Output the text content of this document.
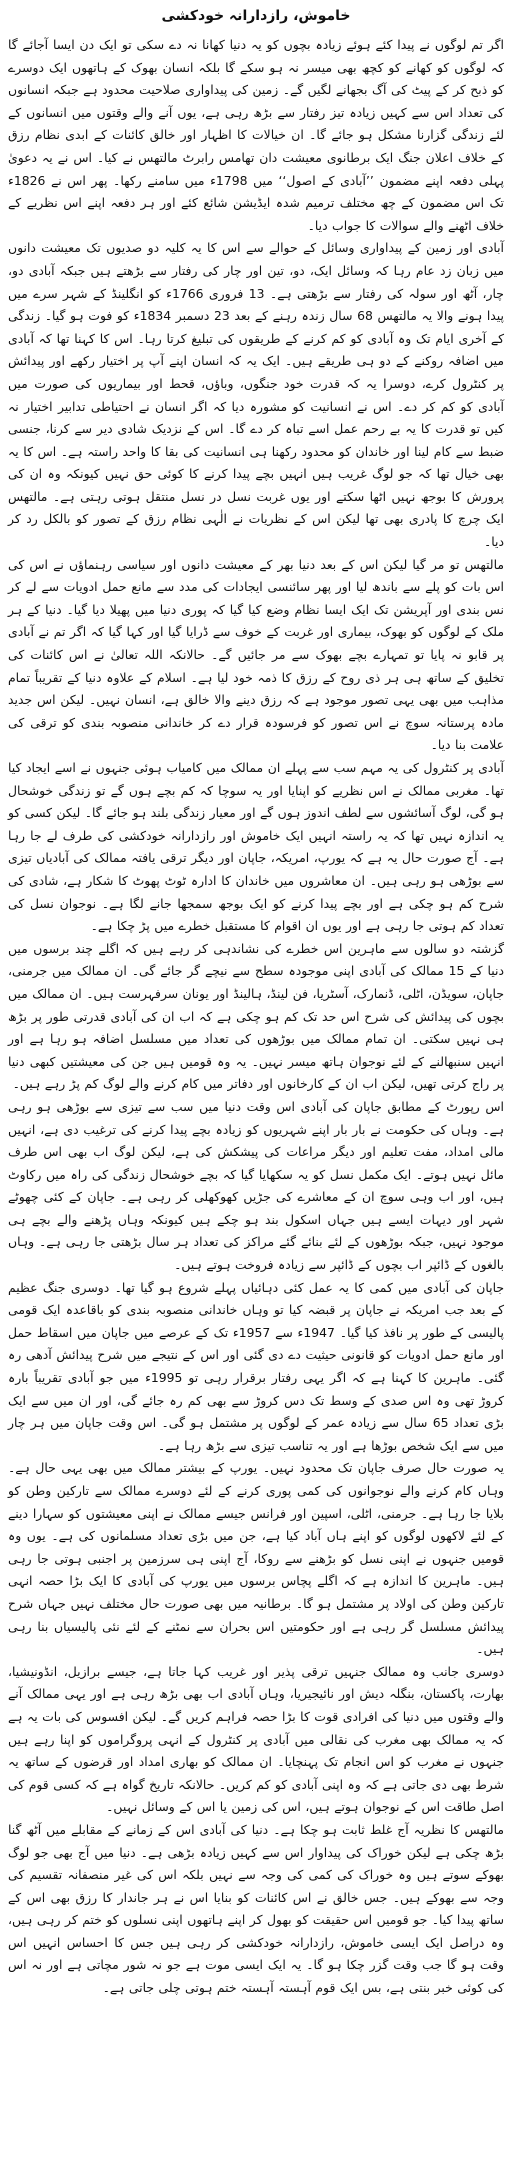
خاموش، رازدارانہ خودکشی

اگر تم لوگوں نے پیدا کئے ہوئے زیادہ بچوں کو یہ دنیا کھانا نہ دے سکی تو ایک دن ایسا آجائے گا کہ لوگوں کو کھانے کو کچھ بھی میسر نہ ہو سکے گا بلکہ انسان بھوک کے ہاتھوں ایک دوسرے کو ذبح کر کے پیٹ کی آگ بجھانے لگیں گے۔ زمین کی پیداواری صلاحیت محدود ہے جبکہ انسانوں کی تعداد اس سے کہیں زیادہ تیز رفتار سے بڑھ رہی ہے، یوں آنے والے وقتوں میں انسانوں کے لئے زندگی گزارنا مشکل ہو جائے گا۔ ان خیالات کا اظہار اور خالق کائنات کے ابدی نظام رزق کے خلاف اعلان جنگ ایک برطانوی معیشت دان تھامس رابرٹ مالتھس نے کیا۔ اس نے یہ دعویٰ پہلی دفعہ اپنے مضمون ’’آبادی کے اصول‘‘ میں 1798ء میں سامنے رکھا۔ پھر اس نے 1826ء تک اس مضمون کے چھ مختلف ترمیم شدہ ایڈیشن شائع کئے اور ہر دفعہ اپنے اس نظریے کے خلاف اٹھنے والے سوالات کا جواب دیا۔

آبادی اور زمین کے پیداواری وسائل کے حوالے سے اس کا یہ کلیہ دو صدیوں تک معیشت دانوں میں زبان زد عام رہا کہ وسائل ایک، دو، تین اور چار کی رفتار سے بڑھتے ہیں جبکہ آبادی دو، چار، آٹھ اور سولہ کی رفتار سے بڑھتی ہے۔ 13 فروری 1766ء کو انگلینڈ کے شہر سرے میں پیدا ہونے والا یہ مالتھس 68 سال زندہ رہنے کے بعد 23 دسمبر 1834ء کو فوت ہو گیا۔ زندگی کے آخری ایام تک وہ آبادی کو کم کرنے کے طریقوں کی تبلیغ کرتا رہا۔ اس کا کہنا تھا کہ آبادی میں اضافہ روکنے کے دو ہی طریقے ہیں۔ ایک یہ کہ انسان اپنے آپ پر اختیار رکھے اور پیدائش پر کنٹرول کرے، دوسرا یہ کہ قدرت خود جنگوں، وباؤں، قحط اور بیماریوں کی صورت میں آبادی کو کم کر دے۔ اس نے انسانیت کو مشورہ دیا کہ اگر انسان نے احتیاطی تدابیر اختیار نہ کیں تو قدرت کا یہ بے رحم عمل اسے تباہ کر دے گا۔ اس کے نزدیک شادی دیر سے کرنا، جنسی ضبط سے کام لینا اور خاندان کو محدود رکھنا ہی انسانیت کی بقا کا واحد راستہ ہے۔ اس کا یہ بھی خیال تھا کہ جو لوگ غریب ہیں انہیں بچے پیدا کرنے کا کوئی حق نہیں کیونکہ وہ ان کی پرورش کا بوجھ نہیں اٹھا سکتے اور یوں غربت نسل در نسل منتقل ہوتی رہتی ہے۔ مالتھس ایک چرچ کا پادری بھی تھا لیکن اس کے نظریات نے الٰہی نظام رزق کے تصور کو بالکل رد کر دیا۔

مالتھس تو مر گیا لیکن اس کے بعد دنیا بھر کے معیشت دانوں اور سیاسی رہنماؤں نے اس کی اس بات کو پلے سے باندھ لیا اور پھر سائنسی ایجادات کی مدد سے مانع حمل ادویات سے لے کر نس بندی اور آپریشن تک ایک ایسا نظام وضع کیا گیا کہ پوری دنیا میں پھیلا دیا گیا۔ دنیا کے ہر ملک کے لوگوں کو بھوک، بیماری اور غربت کے خوف سے ڈرایا گیا اور کہا گیا کہ اگر تم نے آبادی پر قابو نہ پایا تو تمہارے بچے بھوک سے مر جائیں گے۔ حالانکہ اللہ تعالیٰ نے اس کائنات کی تخلیق کے ساتھ ہی ہر ذی روح کے رزق کا ذمہ خود لیا ہے۔ اسلام کے علاوہ دنیا کے تقریباً تمام مذاہب میں بھی یہی تصور موجود ہے کہ رزق دینے والا خالق ہے، انسان نہیں۔ لیکن اس جدید مادہ پرستانہ سوچ نے اس تصور کو فرسودہ قرار دے کر خاندانی منصوبہ بندی کو ترقی کی علامت بنا دیا۔

آبادی پر کنٹرول کی یہ مہم سب سے پہلے ان ممالک میں کامیاب ہوئی جنہوں نے اسے ایجاد کیا تھا۔ مغربی ممالک نے اس نظریے کو اپنایا اور یہ سوچا کہ کم بچے ہوں گے تو زندگی خوشحال ہو گی، لوگ آسائشوں سے لطف اندوز ہوں گے اور معیار زندگی بلند ہو جائے گا۔ لیکن کسی کو یہ اندازہ نہیں تھا کہ یہ راستہ انہیں ایک خاموش اور رازدارانہ خودکشی کی طرف لے جا رہا ہے۔ آج صورت حال یہ ہے کہ یورپ، امریکہ، جاپان اور دیگر ترقی یافتہ ممالک کی آبادیاں تیزی سے بوڑھی ہو رہی ہیں۔ ان معاشروں میں خاندان کا ادارہ ٹوٹ پھوٹ کا شکار ہے، شادی کی شرح کم ہو چکی ہے اور بچے پیدا کرنے کو ایک بوجھ سمجھا جانے لگا ہے۔ نوجوان نسل کی تعداد کم ہوتی جا رہی ہے اور یوں ان اقوام کا مستقبل خطرے میں پڑ چکا ہے۔

گزشتہ دو سالوں سے ماہرین اس خطرے کی نشاندہی کر رہے ہیں کہ اگلے چند برسوں میں دنیا کے 15 ممالک کی آبادی اپنی موجودہ سطح سے نیچے گر جائے گی۔ ان ممالک میں جرمنی، جاپان، سویڈن، اٹلی، ڈنمارک، آسٹریا، فن لینڈ، ہالینڈ اور یونان سرفہرست ہیں۔ ان ممالک میں بچوں کی پیدائش کی شرح اس حد تک کم ہو چکی ہے کہ اب ان کی آبادی قدرتی طور پر بڑھ ہی نہیں سکتی۔ ان تمام ممالک میں بوڑھوں کی تعداد میں مسلسل اضافہ ہو رہا ہے اور انہیں سنبھالنے کے لئے نوجوان ہاتھ میسر نہیں۔ یہ وہ قومیں ہیں جن کی معیشتیں کبھی دنیا پر راج کرتی تھیں، لیکن اب ان کے کارخانوں اور دفاتر میں کام کرنے والے لوگ کم پڑ رہے ہیں۔

اس رپورٹ کے مطابق جاپان کی آبادی اس وقت دنیا میں سب سے تیزی سے بوڑھی ہو رہی ہے۔ وہاں کی حکومت نے بار بار اپنے شہریوں کو زیادہ بچے پیدا کرنے کی ترغیب دی ہے، انہیں مالی امداد، مفت تعلیم اور دیگر مراعات کی پیشکش کی ہے، لیکن لوگ اب بھی اس طرف مائل نہیں ہوتے۔ ایک مکمل نسل کو یہ سکھایا گیا کہ بچے خوشحال زندگی کی راہ میں رکاوٹ ہیں، اور اب وہی سوچ ان کے معاشرے کی جڑیں کھوکھلی کر رہی ہے۔ جاپان کے کئی چھوٹے شہر اور دیہات ایسے ہیں جہاں اسکول بند ہو چکے ہیں کیونکہ وہاں پڑھنے والے بچے ہی موجود نہیں، جبکہ بوڑھوں کے لئے بنائے گئے مراکز کی تعداد ہر سال بڑھتی جا رہی ہے۔ وہاں بالغوں کے ڈائپر اب بچوں کے ڈائپر سے زیادہ فروخت ہوتے ہیں۔

جاپان کی آبادی میں کمی کا یہ عمل کئی دہائیاں پہلے شروع ہو گیا تھا۔ دوسری جنگ عظیم کے بعد جب امریکہ نے جاپان پر قبضہ کیا تو وہاں خاندانی منصوبہ بندی کو باقاعدہ ایک قومی پالیسی کے طور پر نافذ کیا گیا۔ 1947ء سے 1957ء تک کے عرصے میں جاپان میں اسقاط حمل اور مانع حمل ادویات کو قانونی حیثیت دے دی گئی اور اس کے نتیجے میں شرح پیدائش آدھی رہ گئی۔ ماہرین کا کہنا ہے کہ اگر یہی رفتار برقرار رہی تو 1995ء میں جو آبادی تقریباً بارہ کروڑ تھی وہ اس صدی کے وسط تک دس کروڑ سے بھی کم رہ جائے گی، اور ان میں سے ایک بڑی تعداد 65 سال سے زیادہ عمر کے لوگوں پر مشتمل ہو گی۔ اس وقت جاپان میں ہر چار میں سے ایک شخص بوڑھا ہے اور یہ تناسب تیزی سے بڑھ رہا ہے۔

یہ صورت حال صرف جاپان تک محدود نہیں۔ یورپ کے بیشتر ممالک میں بھی یہی حال ہے۔ وہاں کام کرنے والے نوجوانوں کی کمی پوری کرنے کے لئے دوسرے ممالک سے تارکین وطن کو بلایا جا رہا ہے۔ جرمنی، اٹلی، اسپین اور فرانس جیسے ممالک نے اپنی معیشتوں کو سہارا دینے کے لئے لاکھوں لوگوں کو اپنے ہاں آباد کیا ہے، جن میں بڑی تعداد مسلمانوں کی ہے۔ یوں وہ قومیں جنہوں نے اپنی نسل کو بڑھنے سے روکا، آج اپنی ہی سرزمین پر اجنبی ہوتی جا رہی ہیں۔ ماہرین کا اندازہ ہے کہ اگلے پچاس برسوں میں یورپ کی آبادی کا ایک بڑا حصہ انہی تارکین وطن کی اولاد پر مشتمل ہو گا۔ برطانیہ میں بھی صورت حال مختلف نہیں جہاں شرح پیدائش مسلسل گر رہی ہے اور حکومتیں اس بحران سے نمٹنے کے لئے نئی پالیسیاں بنا رہی ہیں۔

دوسری جانب وہ ممالک جنہیں ترقی پذیر اور غریب کہا جاتا ہے، جیسے برازیل، انڈونیشیا، بھارت، پاکستان، بنگلہ دیش اور نائیجیریا، وہاں آبادی اب بھی بڑھ رہی ہے اور یہی ممالک آنے والے وقتوں میں دنیا کی افرادی قوت کا بڑا حصہ فراہم کریں گے۔ لیکن افسوس کی بات یہ ہے کہ یہ ممالک بھی مغرب کی نقالی میں آبادی پر کنٹرول کے انہی پروگراموں کو اپنا رہے ہیں جنہوں نے مغرب کو اس انجام تک پہنچایا۔ ان ممالک کو بھاری امداد اور قرضوں کے ساتھ یہ شرط بھی دی جاتی ہے کہ وہ اپنی آبادی کو کم کریں۔ حالانکہ تاریخ گواہ ہے کہ کسی قوم کی اصل طاقت اس کے نوجوان ہوتے ہیں، اس کی زمین یا اس کے وسائل نہیں۔

مالتھس کا نظریہ آج غلط ثابت ہو چکا ہے۔ دنیا کی آبادی اس کے زمانے کے مقابلے میں آٹھ گنا بڑھ چکی ہے لیکن خوراک کی پیداوار اس سے کہیں زیادہ بڑھی ہے۔ دنیا میں آج بھی جو لوگ بھوکے سوتے ہیں وہ خوراک کی کمی کی وجہ سے نہیں بلکہ اس کی غیر منصفانہ تقسیم کی وجہ سے بھوکے ہیں۔ جس خالق نے اس کائنات کو بنایا اس نے ہر جاندار کا رزق بھی اس کے ساتھ پیدا کیا۔ جو قومیں اس حقیقت کو بھول کر اپنے ہاتھوں اپنی نسلوں کو ختم کر رہی ہیں، وہ دراصل ایک ایسی خاموش، رازدارانہ خودکشی کر رہی ہیں جس کا احساس انہیں اس وقت ہو گا جب وقت گزر چکا ہو گا۔ یہ ایک ایسی موت ہے جو نہ شور مچاتی ہے اور نہ اس کی کوئی خبر بنتی ہے، بس ایک قوم آہستہ آہستہ ختم ہوتی چلی جاتی ہے۔
